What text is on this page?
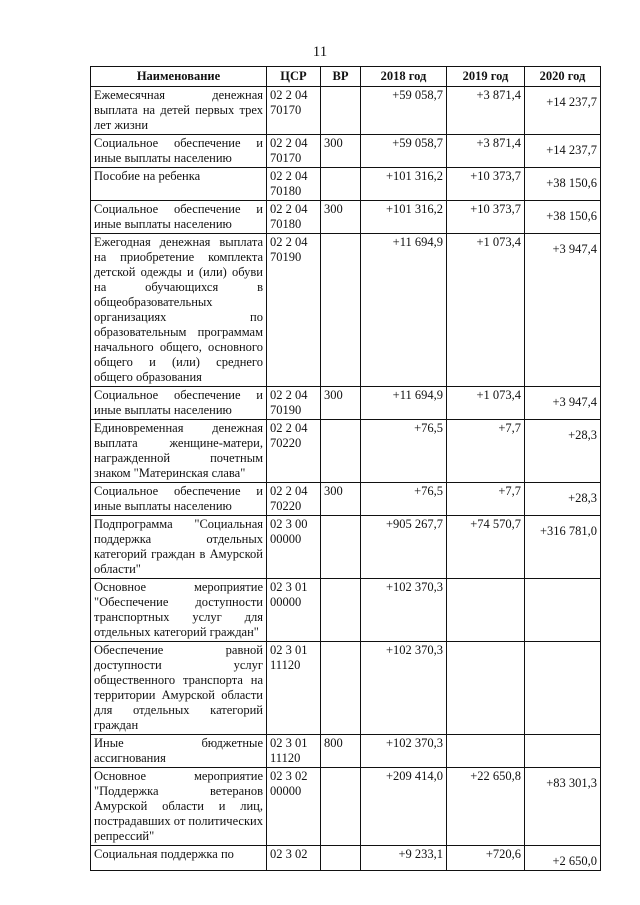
11
Наименование	ЦСР	ВР	2018 год	2019 год	2020 год
Ежемесячная денежная выплата на детей первых трех лет жизни	02 2 04 70170		+59 058,7	+3 871,4	+14 237,7
Социальное обеспечение и иные выплаты населению	02 2 04 70170	300	+59 058,7	+3 871,4	+14 237,7
Пособие на ребенка	02 2 04 70180		+101 316,2	+10 373,7	+38 150,6
Социальное обеспечение и иные выплаты населению	02 2 04 70180	300	+101 316,2	+10 373,7	+38 150,6
Ежегодная денежная выплата на приобретение комплекта детской одежды и (или) обуви на обучающихся в общеобразовательных организациях по образовательным программам начального общего, основного общего и (или) среднего общего образования	02 2 04 70190		+11 694,9	+1 073,4	+3 947,4
Социальное обеспечение и иные выплаты населению	02 2 04 70190	300	+11 694,9	+1 073,4	+3 947,4
Единовременная денежная выплата женщине-матери, награжденной почетным знаком "Материнская слава"	02 2 04 70220		+76,5	+7,7	+28,3
Социальное обеспечение и иные выплаты населению	02 2 04 70220	300	+76,5	+7,7	+28,3
Подпрограмма "Социальная поддержка отдельных категорий граждан в Амурской области"	02 3 00 00000		+905 267,7	+74 570,7	+316 781,0
Основное мероприятие "Обеспечение доступности транспортных услуг для отдельных категорий граждан"	02 3 01 00000		+102 370,3		
Обеспечение равной доступности услуг общественного транспорта на территории Амурской области для отдельных категорий граждан	02 3 01 11120		+102 370,3		
Иные бюджетные ассигнования	02 3 01 11120	800	+102 370,3		
Основное мероприятие "Поддержка ветеранов Амурской области и лиц, пострадавших от политических репрессий"	02 3 02 00000		+209 414,0	+22 650,8	+83 301,3
Социальная поддержка по	02 3 02		+9 233,1	+720,6	+2 650,0
